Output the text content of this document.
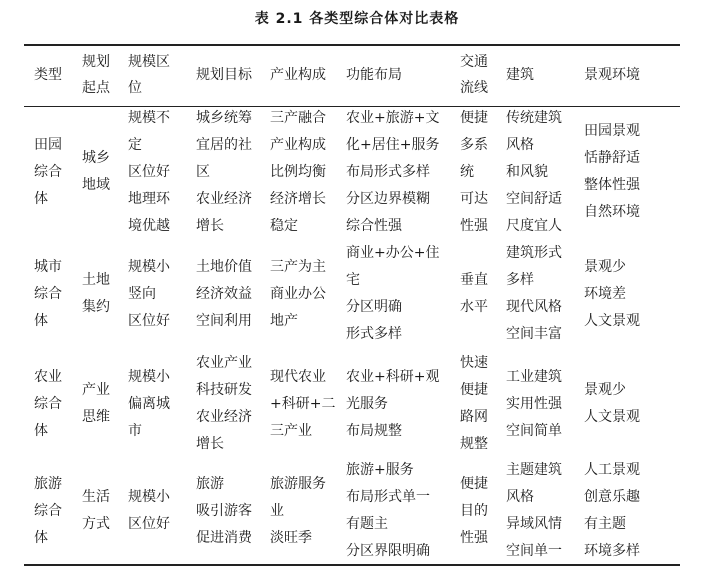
表 2.1 各类型综合体对比表格
类型
规划
起点
规模区
位
规划目标 产业构成 功能布局
交通
流线
建筑	景观环境
田园
综合
体
城乡
地域
规模不
定
区位好
地理环
境优越
城乡统筹
宜居的社
区
农业经济
增长
三产融合
产业构成
比例均衡
经济增长
稳定
农业+旅游+文
化+居住+服务
布局形式多样
分区边界模糊
综合性强
便捷
多系
统
可达
性强
传统建筑
风格
和风貌
空间舒适
尺度宜人
田园景观
恬静舒适
整体性强
自然环境
城市
综合
体
土地
集约
规模小
竖向
区位好
土地价值
经济效益
空间利用
三产为主
商业办公
地产
商业+办公+住
宅
分区明确
形式多样
垂直
水平
建筑形式
多样
现代风格
空间丰富
景观少
环境差
人文景观
农业
综合
体
产业
思维
规模小
偏离城
市
农业产业
科技研发
农业经济
增长
现代农业
+科研+二
三产业
农业+科研+观
光服务
布局规整
快速
便捷
路网
规整
工业建筑
实用性强
空间简单
景观少
人文景观
旅游
综合
体
生活
方式
规模小
区位好
旅游
吸引游客
促进消费
旅游服务
业
淡旺季
旅游+服务
布局形式单一
有题主
分区界限明确
便捷
目的
性强
主题建筑
风格
异域风情
空间单一
人工景观
创意乐趣
有主题
环境多样
